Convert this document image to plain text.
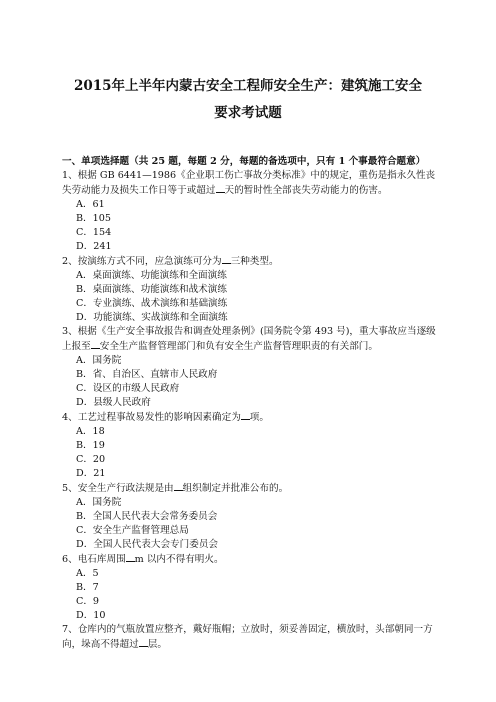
2015年上半年内蒙古安全工程师安全生产：建筑施工安全
要求考试题
一、单项选择题（共 25 题，每题 2 分，每题的备选项中，只有 1 个事最符合题意）
1、根据 GB 6441—1986《企业职工伤亡事故分类标准》中的规定，重伤是指永久性丧失劳动能力及损失工作日等于或超过 天的暂时性全部丧失劳动能力的伤害。
A．61
B．105
C．154
D．241
2、按演练方式不同，应急演练可分为 三种类型。
A．桌面演练、功能演练和全面演练
B．桌面演练、功能演练和战术演练
C．专业演练、战术演练和基础演练
D．功能演练、实战演练和全面演练
3、根据《生产安全事故报告和调查处理条例》(国务院令第 493 号)，重大事故应当逐级上报至 安全生产监督管理部门和负有安全生产监督管理职责的有关部门。
A．国务院
B．省、自治区、直辖市人民政府
C．设区的市级人民政府
D．县级人民政府
4、工艺过程事故易发性的影响因素确定为 项。
A．18
B．19
C．20
D．21
5、安全生产行政法规是由 组织制定并批准公布的。
A．国务院
B．全国人民代表大会常务委员会
C．安全生产监督管理总局
D．全国人民代表大会专门委员会
6、电石库周围 m 以内不得有明火。
A．5
B．7
C．9
D．10
7、仓库内的气瓶放置应整齐，戴好瓶帽；立放时，须妥善固定，横放时，头部朝同一方向，垛高不得超过 层。
